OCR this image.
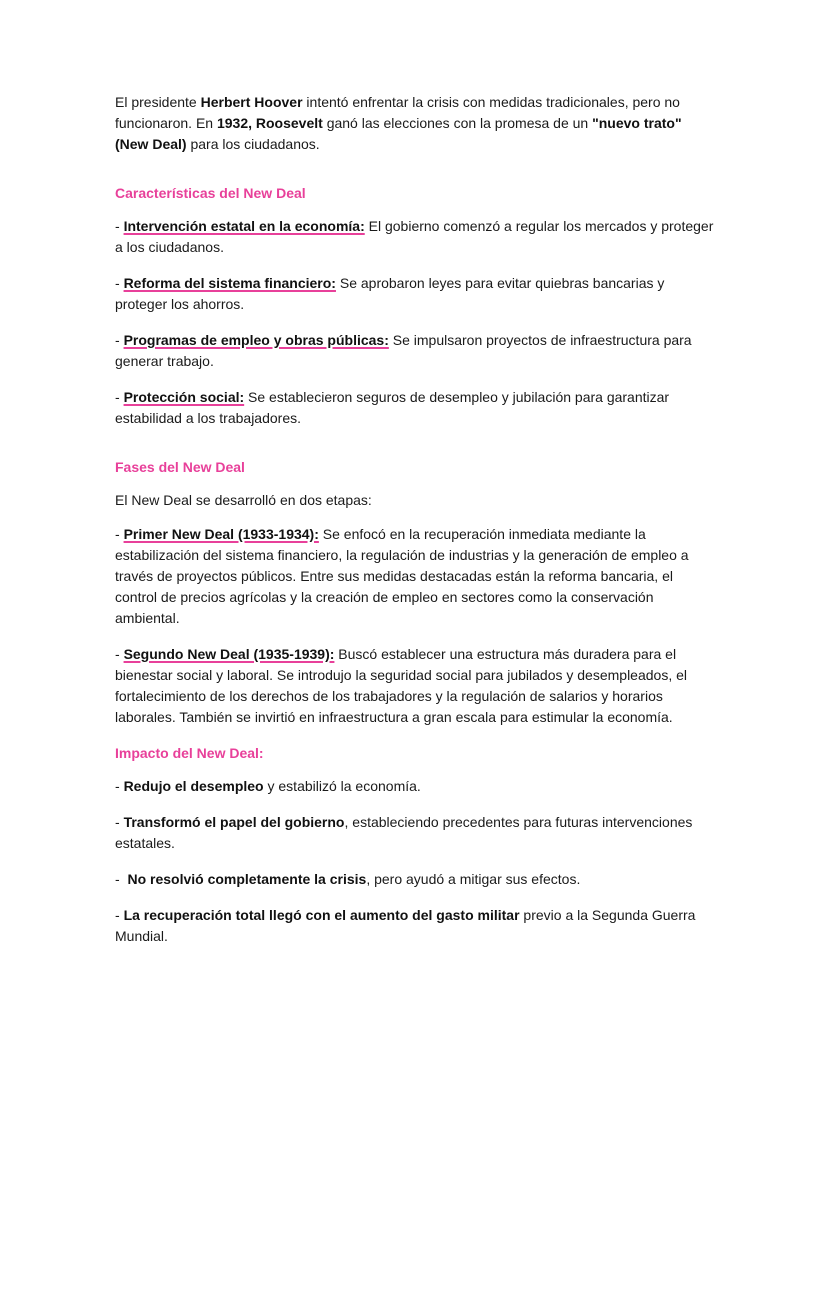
El presidente Herbert Hoover intentó enfrentar la crisis con medidas tradicionales, pero no funcionaron. En 1932, Roosevelt ganó las elecciones con la promesa de un "nuevo trato" (New Deal) para los ciudadanos.

Características del New Deal

- Intervención estatal en la economía: El gobierno comenzó a regular los mercados y proteger a los ciudadanos.

- Reforma del sistema financiero: Se aprobaron leyes para evitar quiebras bancarias y proteger los ahorros.

- Programas de empleo y obras públicas: Se impulsaron proyectos de infraestructura para generar trabajo.

- Protección social: Se establecieron seguros de desempleo y jubilación para garantizar estabilidad a los trabajadores.

Fases del New Deal

El New Deal se desarrolló en dos etapas:

- Primer New Deal (1933-1934): Se enfocó en la recuperación inmediata mediante la estabilización del sistema financiero, la regulación de industrias y la generación de empleo a través de proyectos públicos. Entre sus medidas destacadas están la reforma bancaria, el control de precios agrícolas y la creación de empleo en sectores como la conservación ambiental.

- Segundo New Deal (1935-1939): Buscó establecer una estructura más duradera para el bienestar social y laboral. Se introdujo la seguridad social para jubilados y desempleados, el fortalecimiento de los derechos de los trabajadores y la regulación de salarios y horarios laborales. También se invirtió en infraestructura a gran escala para estimular la economía.

Impacto del New Deal:

- Redujo el desempleo y estabilizó la economía.

- Transformó el papel del gobierno, estableciendo precedentes para futuras intervenciones estatales.

-  No resolvió completamente la crisis, pero ayudó a mitigar sus efectos.

- La recuperación total llegó con el aumento del gasto militar previo a la Segunda Guerra Mundial.
